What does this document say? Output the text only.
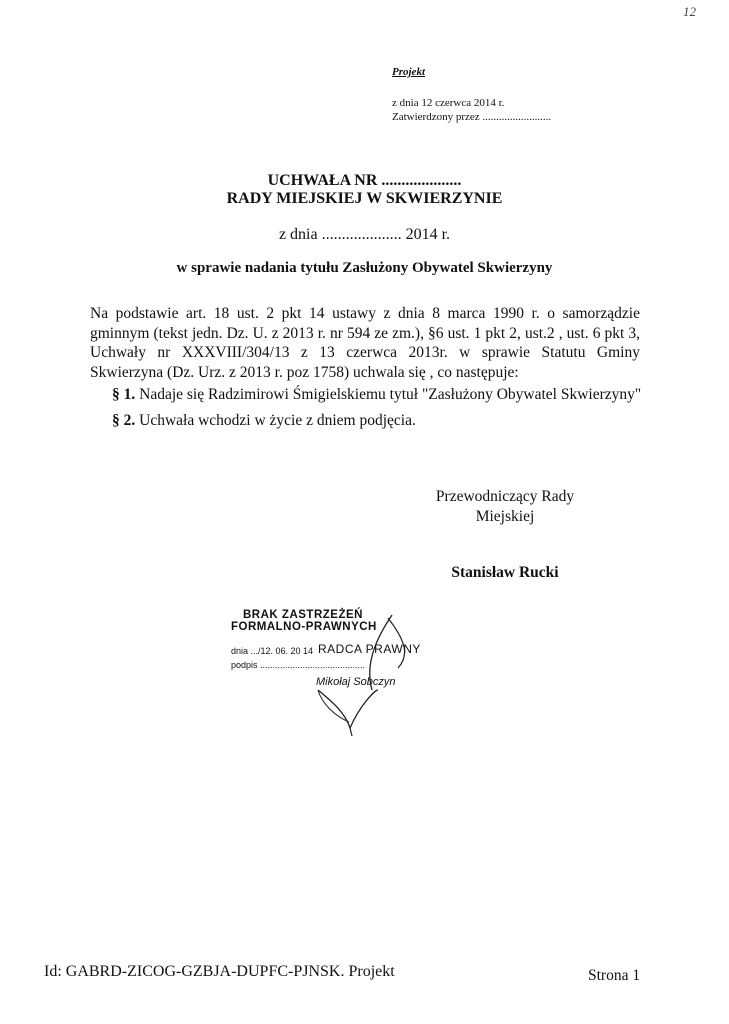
12
Projekt
z dnia 12 czerwca 2014 r.
Zatwierdzony przez .........................
UCHWAŁA NR ....................
RADY MIEJSKIEJ W SKWIERZYNIE
z dnia .................... 2014 r.
w sprawie nadania tytułu Zasłużony Obywatel Skwierzyny
Na podstawie art. 18 ust. 2 pkt 14 ustawy z dnia 8 marca 1990 r. o samorządzie gminnym (tekst jedn. Dz. U. z 2013 r. nr 594 ze zm.), §6 ust. 1 pkt 2, ust.2 , ust. 6 pkt 3, Uchwały nr XXXVIII/304/13 z 13 czerwca 2013r. w sprawie Statutu Gminy Skwierzyna (Dz. Urz. z 2013 r. poz 1758) uchwala się , co następuje:
§ 1. Nadaje się Radzimirowi Śmigielskiemu tytuł "Zasłużony Obywatel Skwierzyny"
§ 2. Uchwała wchodzi w życie z dniem podjęcia.
Przewodniczący Rady
Miejskiej
Stanisław Rucki
BRAK ZASTRZEŻEŃ
FORMALNO-PRAWNYCH
dnia .../12. 06. 20 14
podpis ..........................................
RADCA PRAWNY
Mikołaj Sobczyn
Id: GABRD-ZICOG-GZBJA-DUPFC-PJNSK. Projekt	Strona 1
